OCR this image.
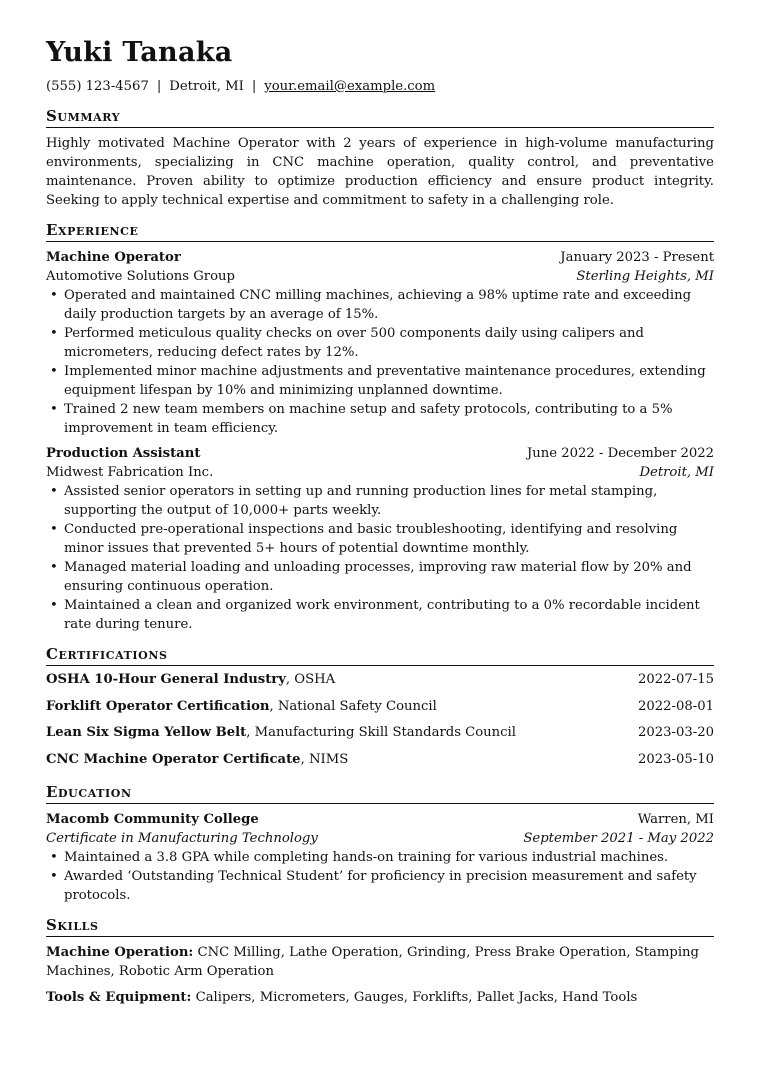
Yuki Tanaka
(555) 123-4567 | Detroit, MI | your.email@example.com
Summary
Highly motivated Machine Operator with 2 years of experience in high-volume manufacturing environments, specializing in CNC machine operation, quality control, and preventative maintenance. Proven ability to optimize production efficiency and ensure product integrity. Seeking to apply technical expertise and commitment to safety in a challenging role.
Experience
Machine Operator	January 2023 - Present
Automotive Solutions Group	Sterling Heights, MI
• Operated and maintained CNC milling machines, achieving a 98% uptime rate and exceeding daily production targets by an average of 15%.
• Performed meticulous quality checks on over 500 components daily using calipers and micrometers, reducing defect rates by 12%.
• Implemented minor machine adjustments and preventative maintenance procedures, extending equipment lifespan by 10% and minimizing unplanned downtime.
• Trained 2 new team members on machine setup and safety protocols, contributing to a 5% improvement in team efficiency.
Production Assistant	June 2022 - December 2022
Midwest Fabrication Inc.	Detroit, MI
• Assisted senior operators in setting up and running production lines for metal stamping, supporting the output of 10,000+ parts weekly.
• Conducted pre-operational inspections and basic troubleshooting, identifying and resolving minor issues that prevented 5+ hours of potential downtime monthly.
• Managed material loading and unloading processes, improving raw material flow by 20% and ensuring continuous operation.
• Maintained a clean and organized work environment, contributing to a 0% recordable incident rate during tenure.
Certifications
OSHA 10-Hour General Industry, OSHA	2022-07-15
Forklift Operator Certification, National Safety Council	2022-08-01
Lean Six Sigma Yellow Belt, Manufacturing Skill Standards Council	2023-03-20
CNC Machine Operator Certificate, NIMS	2023-05-10
Education
Macomb Community College	Warren, MI
Certificate in Manufacturing Technology	September 2021 - May 2022
• Maintained a 3.8 GPA while completing hands-on training for various industrial machines.
• Awarded ‘Outstanding Technical Student’ for proficiency in precision measurement and safety protocols.
Skills
Machine Operation: CNC Milling, Lathe Operation, Grinding, Press Brake Operation, Stamping Machines, Robotic Arm Operation
Tools & Equipment: Calipers, Micrometers, Gauges, Forklifts, Pallet Jacks, Hand Tools
